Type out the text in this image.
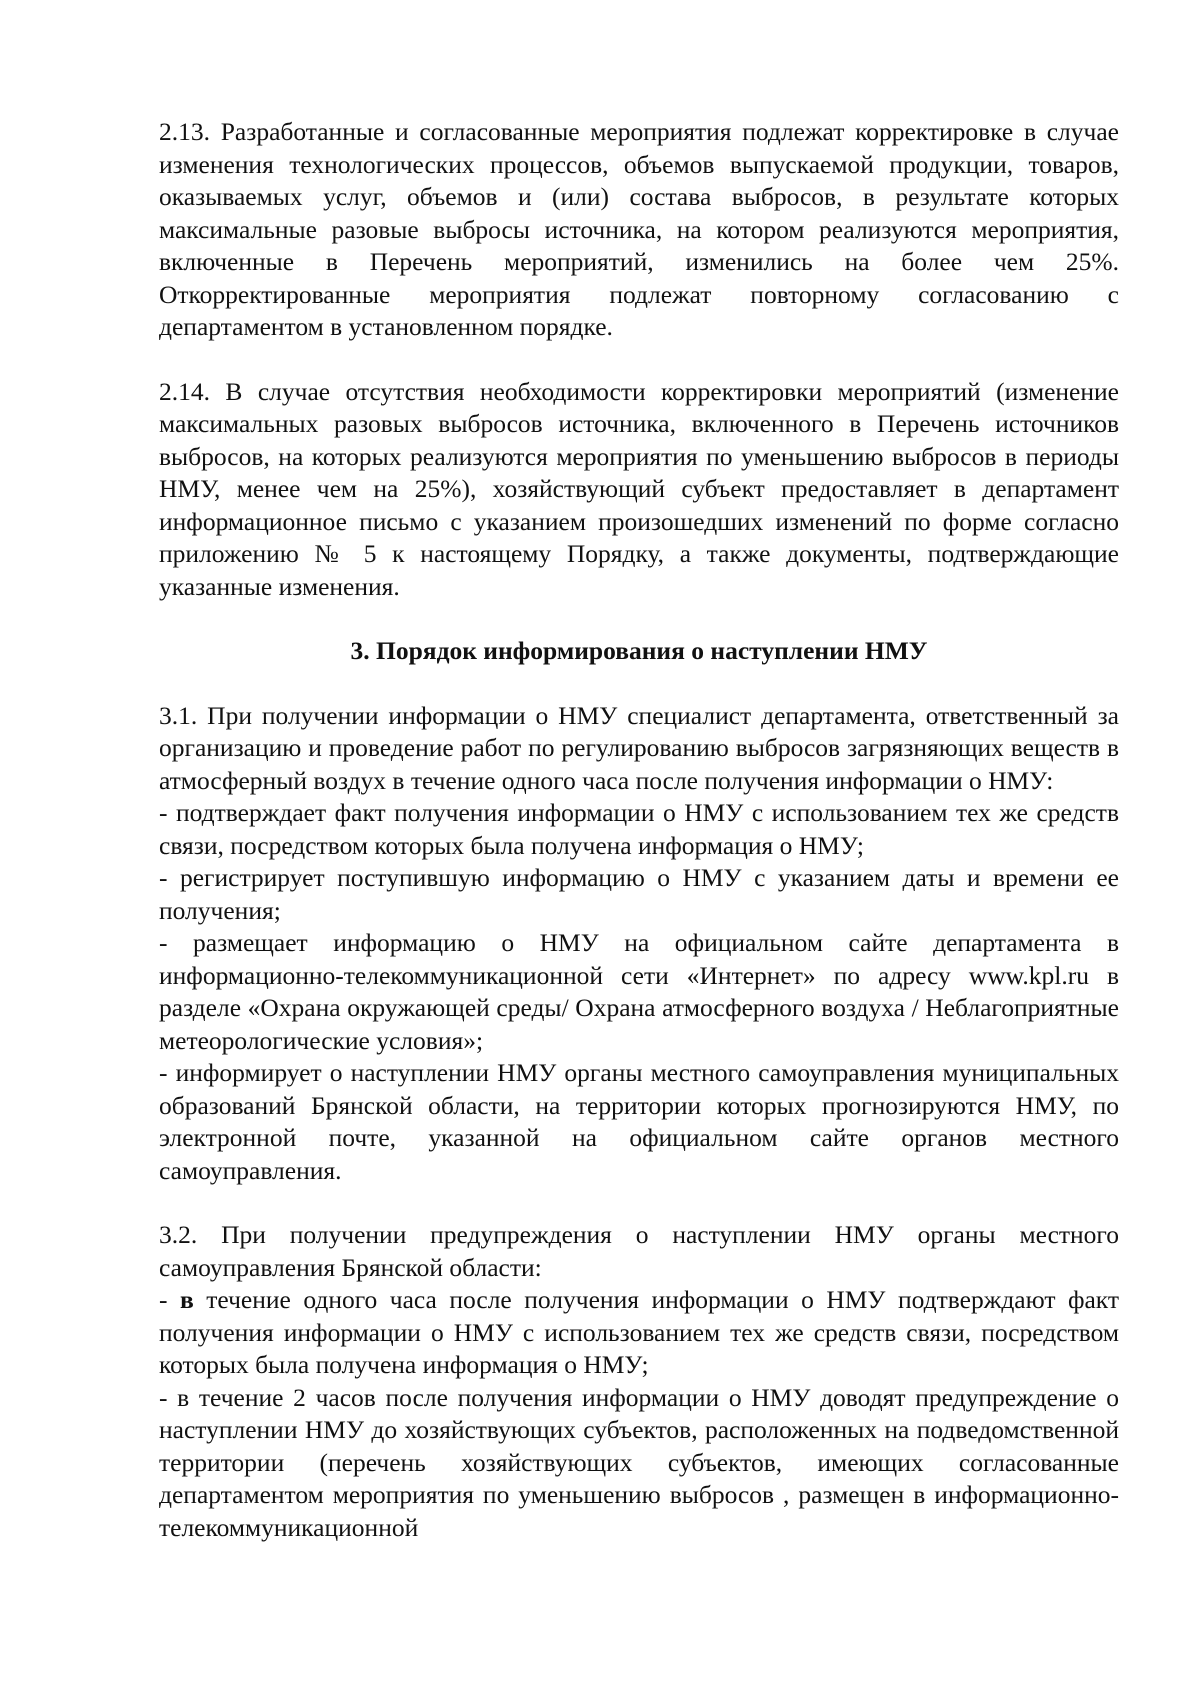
2.13. Разработанные и согласованные мероприятия подлежат корректировке в случае изменения технологических процессов, объемов выпускаемой продукции, товаров, оказываемых услуг, объемов и (или) состава выбросов, в результате которых максимальные разовые выбросы источника, на котором реализуются мероприятия, включенные в Перечень мероприятий, изменились на более чем 25%. Откорректированные мероприятия подлежат повторному согласованию с департаментом в установленном порядке.

2.14. В случае отсутствия необходимости корректировки мероприятий (изменение максимальных разовых выбросов источника, включенного в Перечень источников выбросов, на которых реализуются мероприятия по уменьшению выбросов в периоды НМУ, менее чем на 25%), хозяйствующий субъект предоставляет в департамент информационное письмо с указанием произошедших изменений по форме согласно приложению № 5 к настоящему Порядку, а также документы, подтверждающие указанные изменения.

3. Порядок информирования о наступлении НМУ

3.1. При получении информации о НМУ специалист департамента, ответственный за организацию и проведение работ по регулированию выбросов загрязняющих веществ в атмосферный воздух в течение одного часа после получения информации о НМУ:

- подтверждает факт получения информации о НМУ с использованием тех же средств связи, посредством которых была получена информация о НМУ;

- регистрирует поступившую информацию о НМУ с указанием даты и времени ее получения;

- размещает информацию о НМУ на официальном сайте департамента в информационно-телекоммуникационной сети «Интернет» по адресу www.kpl.ru в разделе «Охрана окружающей среды/ Охрана атмосферного воздуха / Неблагоприятные метеорологические условия»;

- информирует о наступлении НМУ органы местного самоуправления муниципальных образований Брянской области, на территории которых прогнозируются НМУ, по электронной почте, указанной на официальном сайте органов местного самоуправления.

3.2. При получении предупреждения о наступлении НМУ органы местного самоуправления Брянской области:

- в течение одного часа после получения информации о НМУ подтверждают факт получения информации о НМУ с использованием тех же средств связи, посредством которых была получена информация о НМУ;

- в течение 2 часов после получения информации о НМУ доводят предупреждение о наступлении НМУ до хозяйствующих субъектов, расположенных на подведомственной территории (перечень хозяйствующих субъектов, имеющих согласованные департаментом мероприятия по уменьшению выбросов , размещен в информационно-телекоммуникационной
